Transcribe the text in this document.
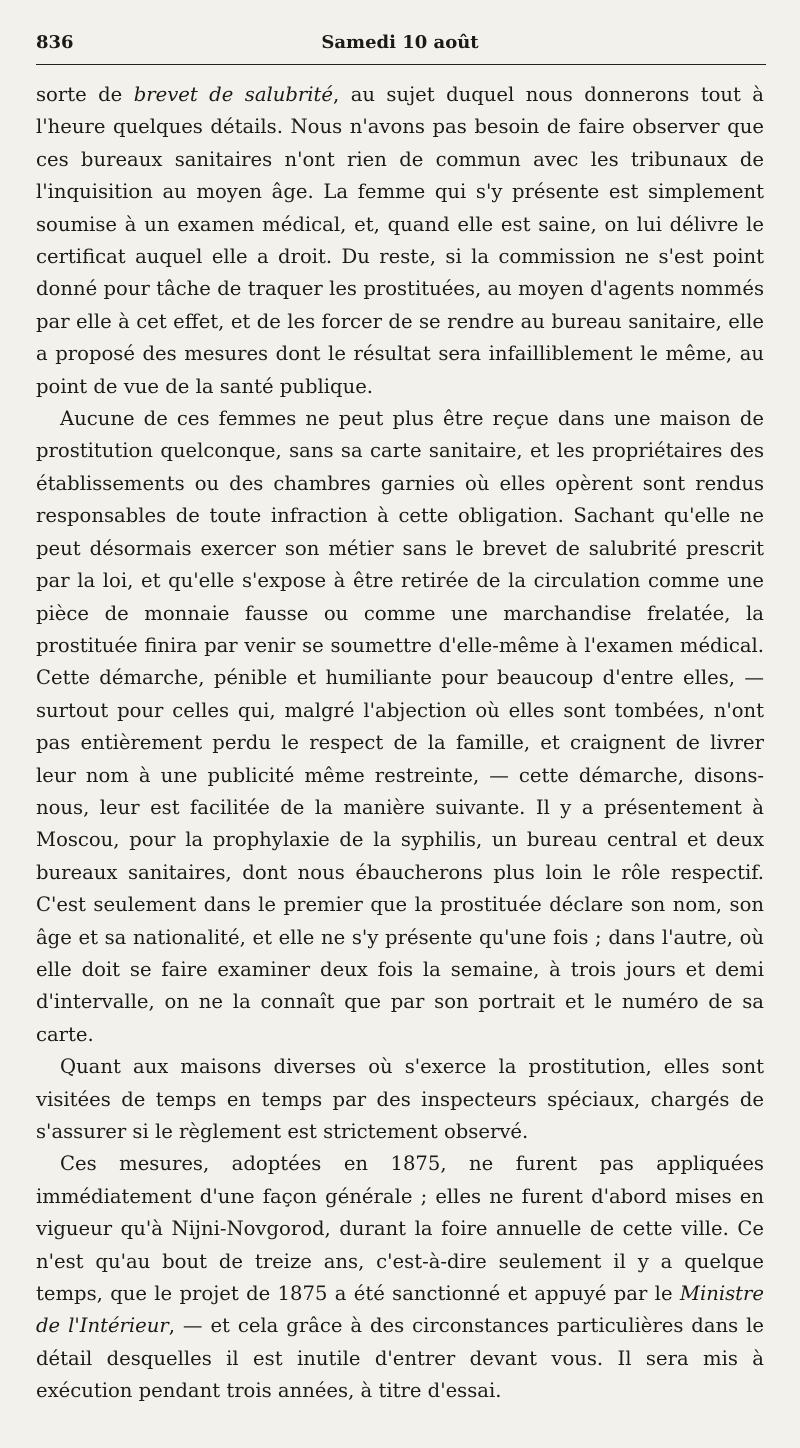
836	Samedi 10 août

sorte de brevet de salubrité, au sujet duquel nous donnerons tout à l'heure quelques détails. Nous n'avons pas besoin de faire observer que ces bureaux sanitaires n'ont rien de commun avec les tribunaux de l'inquisition au moyen âge. La femme qui s'y présente est simplement soumise à un examen médical, et, quand elle est saine, on lui délivre le certificat auquel elle a droit. Du reste, si la commission ne s'est point donné pour tâche de traquer les prostituées, au moyen d'agents nommés par elle à cet effet, et de les forcer de se rendre au bureau sanitaire, elle a proposé des mesures dont le résultat sera infailliblement le même, au point de vue de la santé publique.

Aucune de ces femmes ne peut plus être reçue dans une maison de prostitution quelconque, sans sa carte sanitaire, et les propriétaires des établissements ou des chambres garnies où elles opèrent sont rendus responsables de toute infraction à cette obligation. Sachant qu'elle ne peut désormais exercer son métier sans le brevet de salubrité prescrit par la loi, et qu'elle s'expose à être retirée de la circulation comme une pièce de monnaie fausse ou comme une marchandise frelatée, la prostituée finira par venir se soumettre d'elle-même à l'examen médical. Cette démarche, pénible et humiliante pour beaucoup d'entre elles, — surtout pour celles qui, malgré l'abjection où elles sont tombées, n'ont pas entièrement perdu le respect de la famille, et craignent de livrer leur nom à une publicité même restreinte, — cette démarche, disons-nous, leur est facilitée de la manière suivante. Il y a présentement à Moscou, pour la prophylaxie de la syphilis, un bureau central et deux bureaux sanitaires, dont nous ébaucherons plus loin le rôle respectif. C'est seulement dans le premier que la prostituée déclare son nom, son âge et sa nationalité, et elle ne s'y présente qu'une fois ; dans l'autre, où elle doit se faire examiner deux fois la semaine, à trois jours et demi d'intervalle, on ne la connaît que par son portrait et le numéro de sa carte.

Quant aux maisons diverses où s'exerce la prostitution, elles sont visitées de temps en temps par des inspecteurs spéciaux, chargés de s'assurer si le règlement est strictement observé.

Ces mesures, adoptées en 1875, ne furent pas appliquées immédiatement d'une façon générale ; elles ne furent d'abord mises en vigueur qu'à Nijni-Novgorod, durant la foire annuelle de cette ville. Ce n'est qu'au bout de treize ans, c'est-à-dire seulement il y a quelque temps, que le projet de 1875 a été sanctionné et appuyé par le Ministre de l'Intérieur, — et cela grâce à des circonstances particulières dans le détail desquelles il est inutile d'entrer devant vous. Il sera mis à exécution pendant trois années, à titre d'essai.
